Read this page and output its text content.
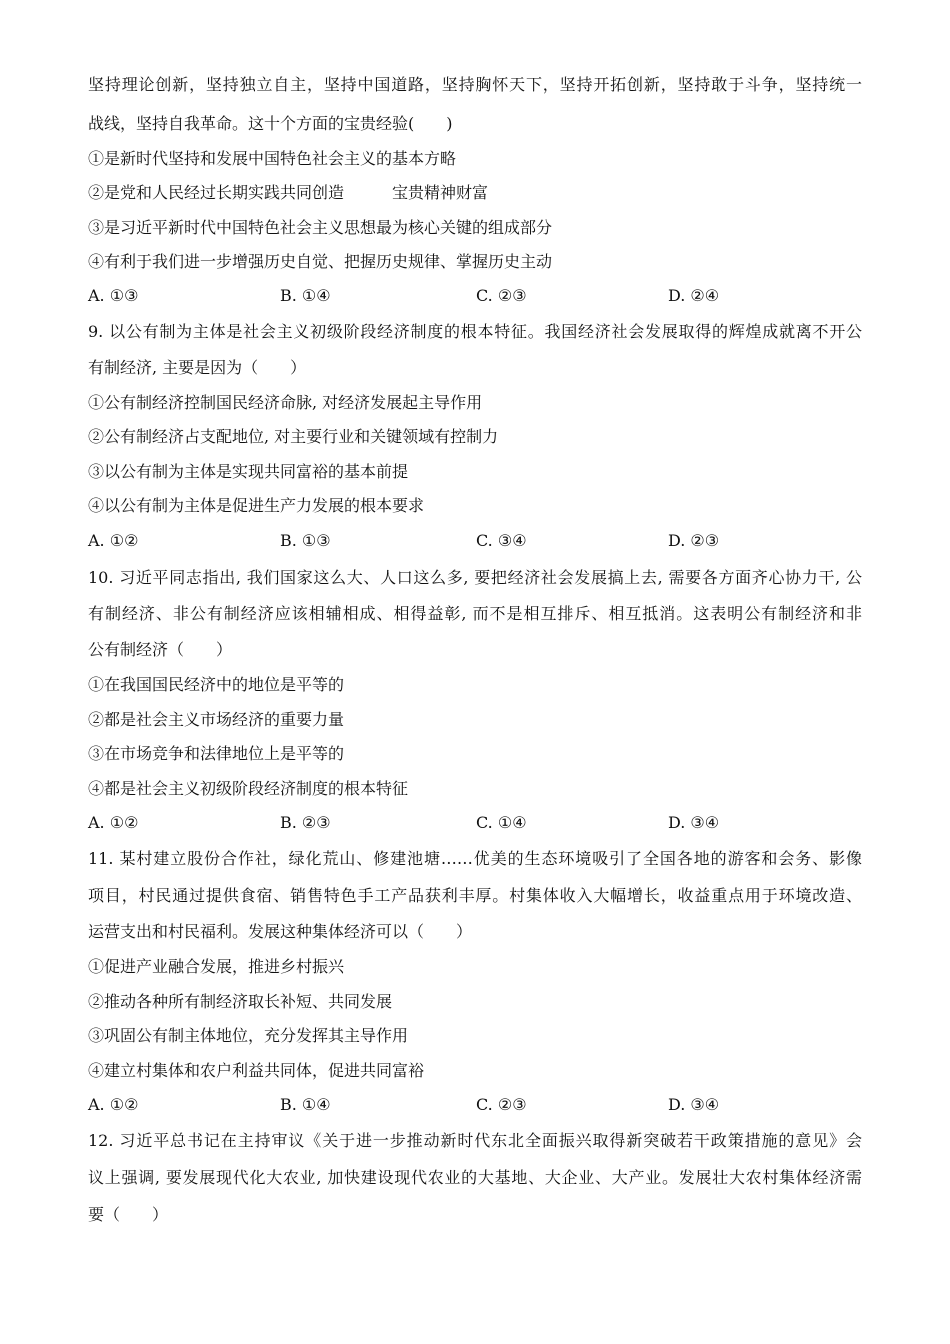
坚持理论创新，坚持独立自主，坚持中国道路，坚持胸怀天下，坚持开拓创新，坚持敢于斗争，坚持统一
战线，坚持自我革命。这十个方面的宝贵经验(　　)
①是新时代坚持和发展中国特色社会主义的基本方略
②是党和人民经过长期实践共同创造　　　宝贵精神财富
③是习近平新时代中国特色社会主义思想最为核心关键的组成部分
④有利于我们进一步增强历史自觉、把握历史规律、掌握历史主动
A. ①③	B. ①④	C. ②③	D. ②④
9. 以公有制为主体是社会主义初级阶段经济制度的根本特征。我国经济社会发展取得的辉煌成就离不开公
有制经济, 主要是因为（　　）
①公有制经济控制国民经济命脉, 对经济发展起主导作用
②公有制经济占支配地位, 对主要行业和关键领域有控制力
③以公有制为主体是实现共同富裕的基本前提
④以公有制为主体是促进生产力发展的根本要求
A. ①②	B. ①③	C. ③④	D. ②③
10. 习近平同志指出, 我们国家这么大、人口这么多, 要把经济社会发展搞上去, 需要各方面齐心协力干, 公
有制经济、非公有制经济应该相辅相成、相得益彰, 而不是相互排斥、相互抵消。这表明公有制经济和非
公有制经济（　　）
①在我国国民经济中的地位是平等的
②都是社会主义市场经济的重要力量
③在市场竞争和法律地位上是平等的
④都是社会主义初级阶段经济制度的根本特征
A. ①②	B. ②③	C. ①④	D. ③④
11. 某村建立股份合作社，绿化荒山、修建池塘……优美的生态环境吸引了全国各地的游客和会务、影像
项目，村民通过提供食宿、销售特色手工产品获利丰厚。村集体收入大幅增长，收益重点用于环境改造、
运营支出和村民福利。发展这种集体经济可以（　　）
①促进产业融合发展，推进乡村振兴
②推动各种所有制经济取长补短、共同发展
③巩固公有制主体地位，充分发挥其主导作用
④建立村集体和农户利益共同体，促进共同富裕
A. ①②	B. ①④	C. ②③	D. ③④
12. 习近平总书记在主持审议《关于进一步推动新时代东北全面振兴取得新突破若干政策措施的意见》会
议上强调, 要发展现代化大农业, 加快建设现代农业的大基地、大企业、大产业。发展壮大农村集体经济需
要（　　）
